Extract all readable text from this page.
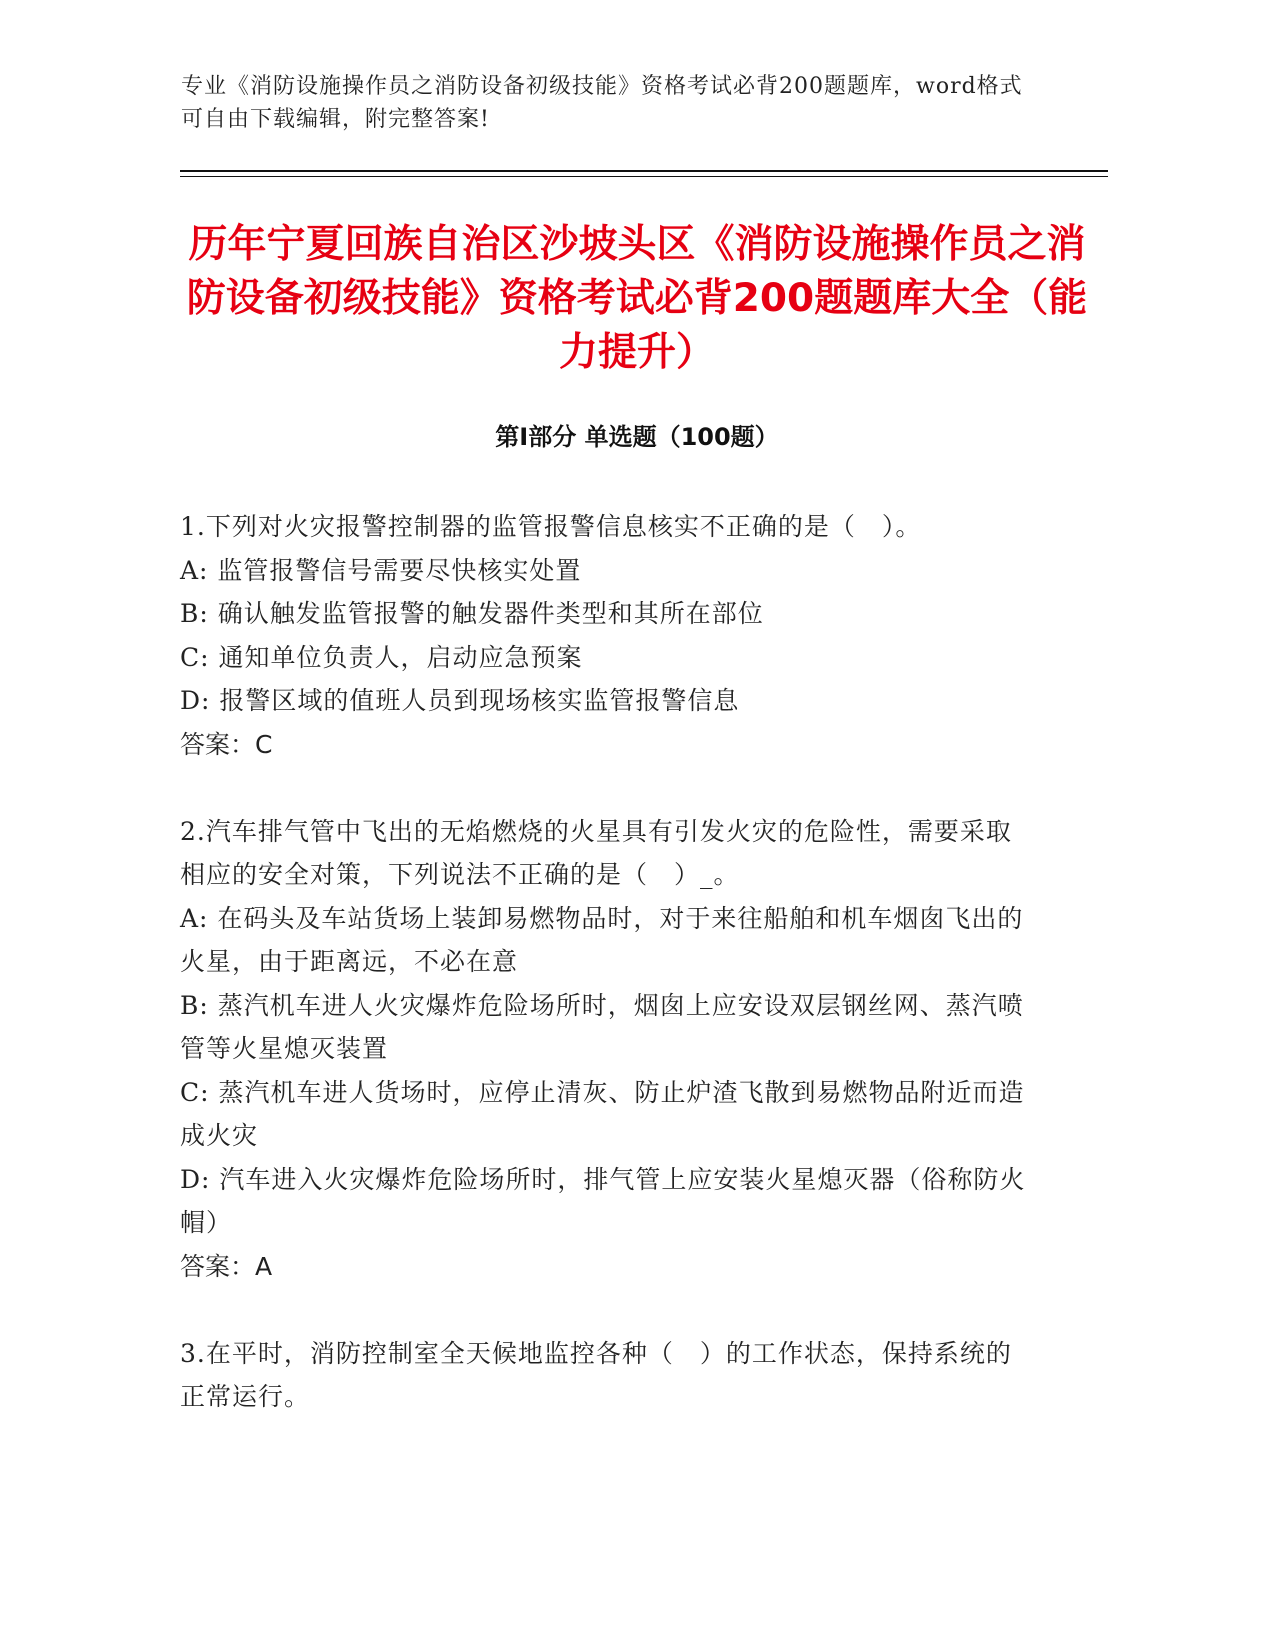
专业《消防设施操作员之消防设备初级技能》资格考试必背200题题库，word格式可自由下载编辑，附完整答案!
历年宁夏回族自治区沙坡头区《消防设施操作员之消防设备初级技能》资格考试必背200题题库大全（能力提升）
第I部分 单选题（100题）

1.下列对火灾报警控制器的监管报警信息核实不正确的是（　）。

A: 监管报警信号需要尽快核实处置

B: 确认触发监管报警的触发器件类型和其所在部位

C: 通知单位负责人，启动应急预案

D: 报警区域的值班人员到现场核实监管报警信息

答案：C

2.汽车排气管中飞出的无焰燃烧的火星具有引发火灾的危险性，需要采取相应的安全对策，下列说法不正确的是（　）_。

A: 在码头及车站货场上装卸易燃物品时，对于来往船舶和机车烟囱飞出的火星，由于距离远，不必在意

B: 蒸汽机车进人火灾爆炸危险场所时，烟囱上应安设双层钢丝网、蒸汽喷管等火星熄灭装置

C: 蒸汽机车进人货场时，应停止清灰、防止炉渣飞散到易燃物品附近而造成火灾

D: 汽车进入火灾爆炸危险场所时，排气管上应安装火星熄灭器（俗称防火帽）

答案：A

3.在平时，消防控制室全天候地监控各种（　）的工作状态，保持系统的正常运行。
